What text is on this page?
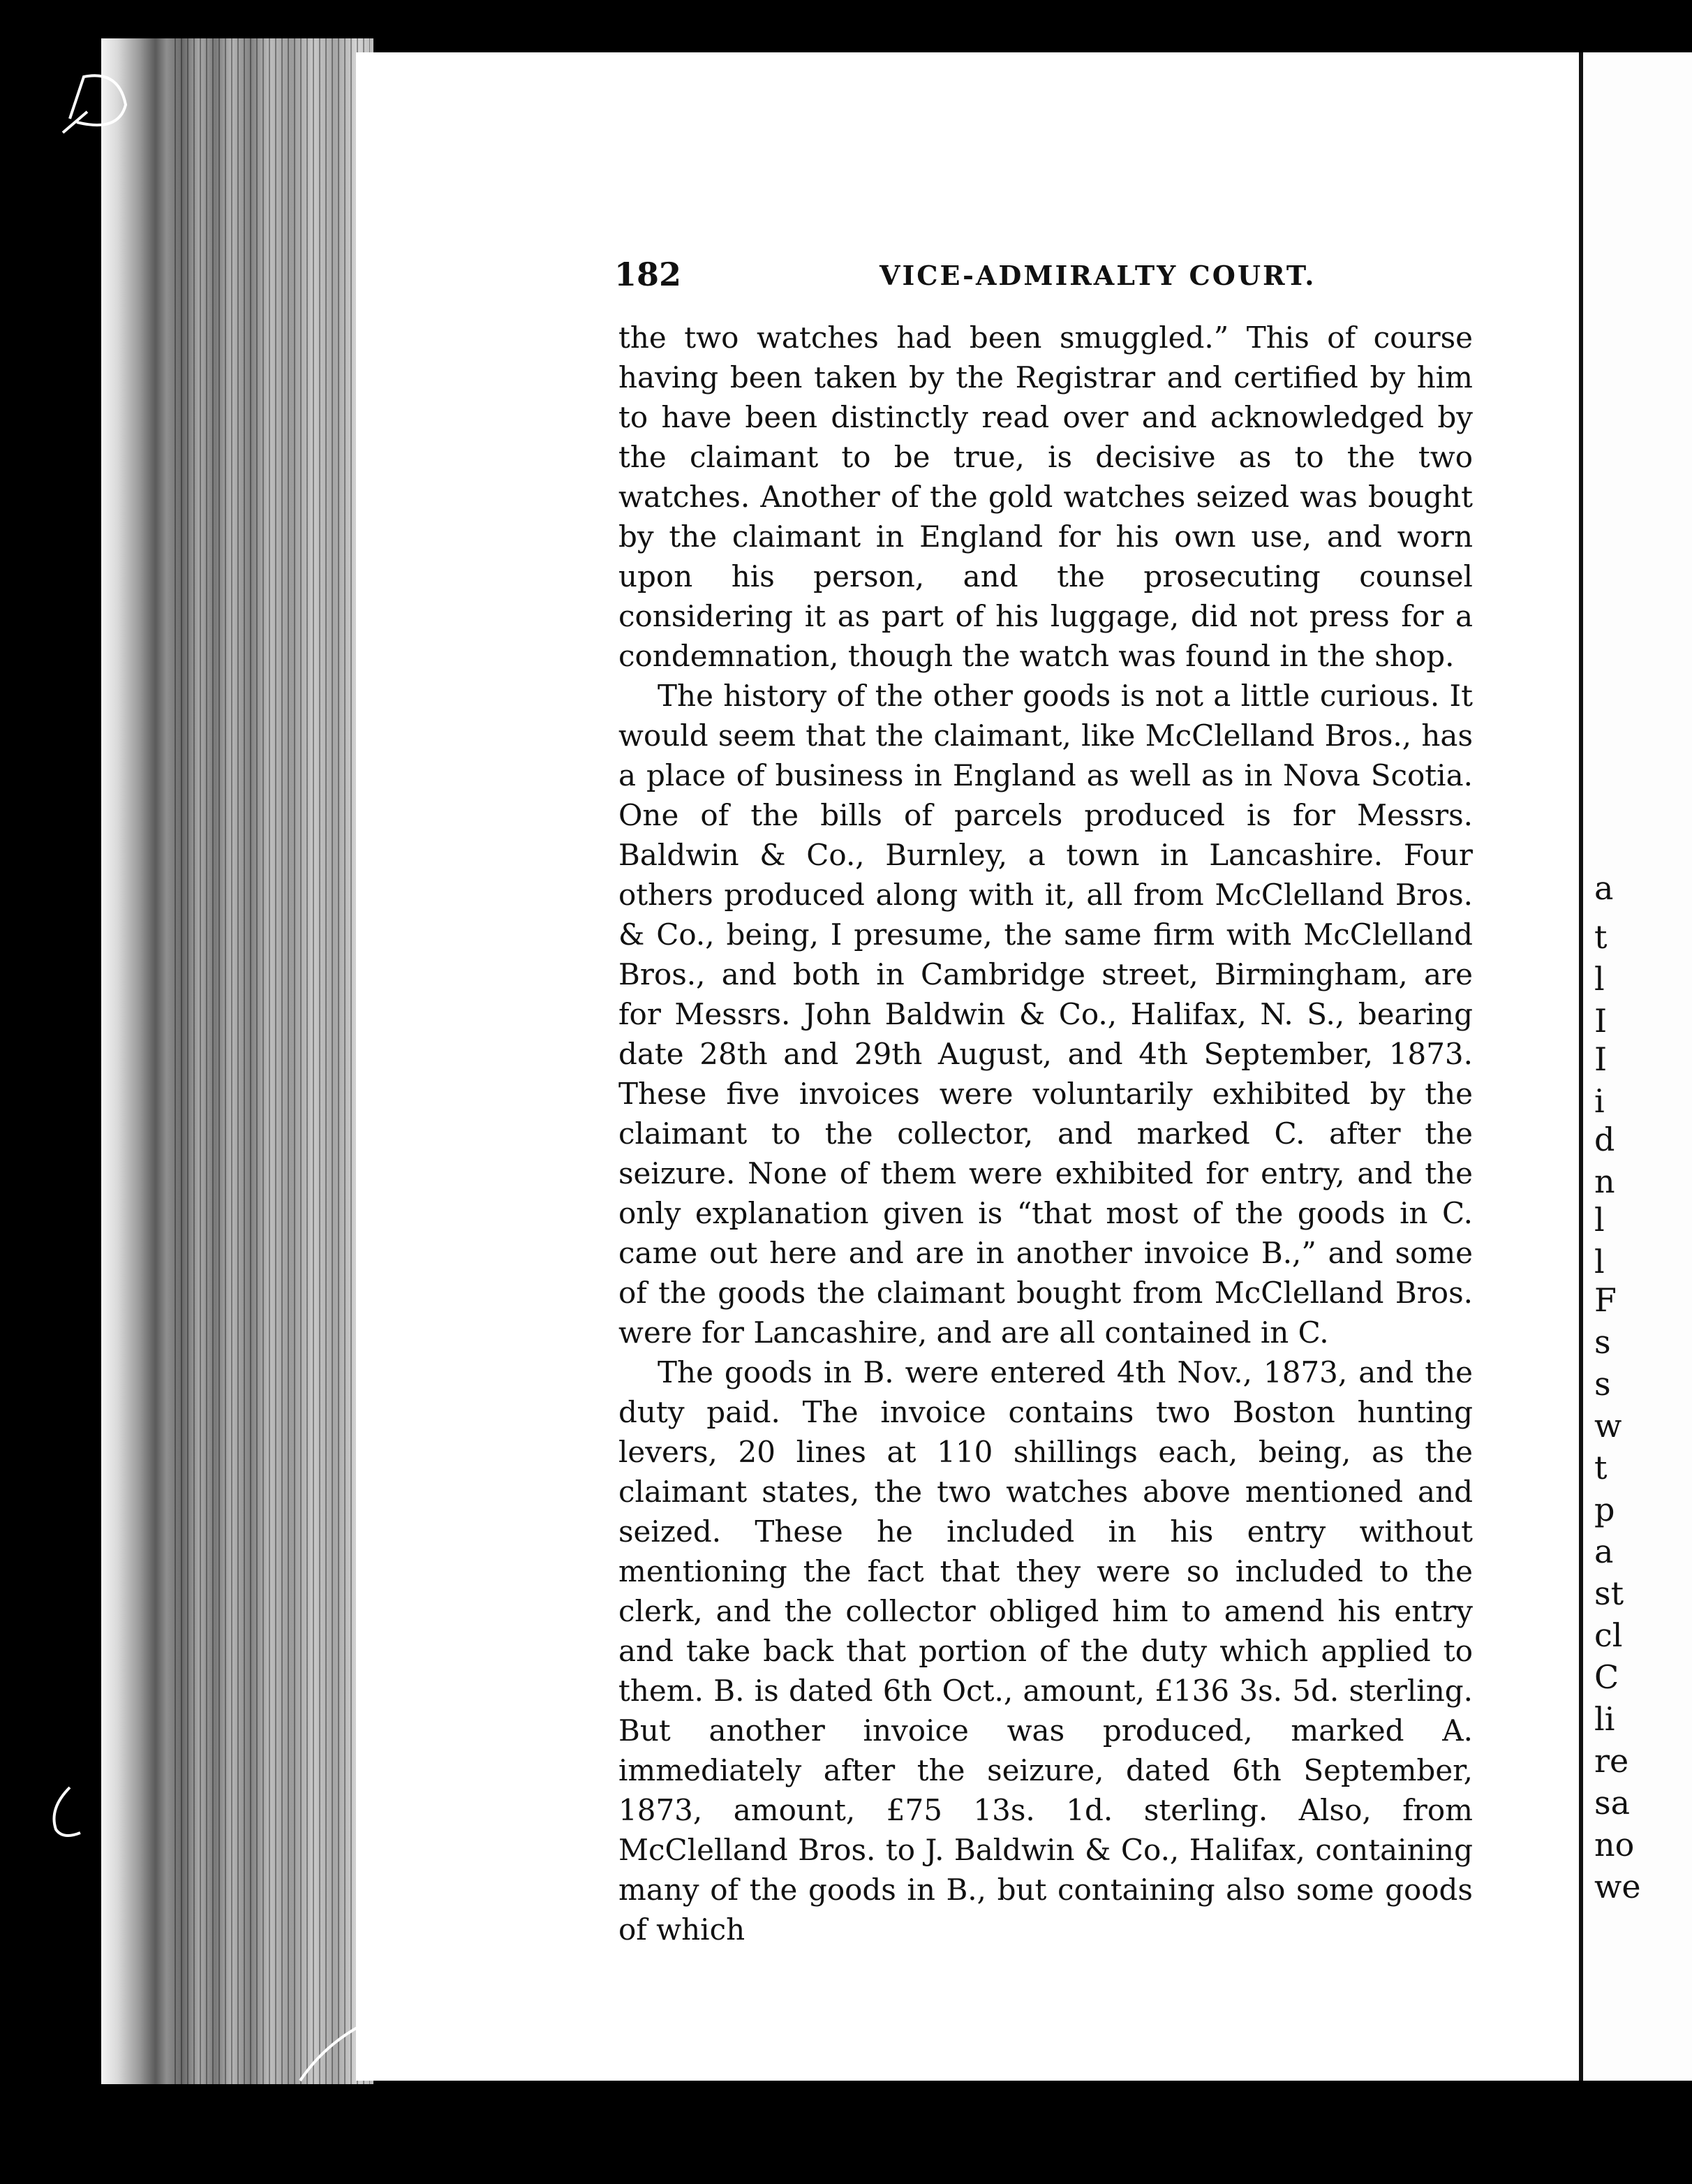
a
t
l
I
I
i
d
n
l
l
F
s
s
w
t
p
a
st
cl
C
li
re
sa
no
we
182	VICE-ADMIRALTY COURT.

the two watches had been smuggled.” This of course having been taken by the Registrar and certified by him to have been distinctly read over and acknowledged by the claimant to be true, is decisive as to the two watches. Another of the gold watches seized was bought by the claimant in England for his own use, and worn upon his person, and the prosecuting counsel considering it as part of his luggage, did not press for a condemnation, though the watch was found in the shop.

The history of the other goods is not a little curious. It would seem that the claimant, like McClelland Bros., has a place of business in England as well as in Nova Scotia. One of the bills of parcels produced is for Messrs. Baldwin & Co., Burnley, a town in Lancashire. Four others produced along with it, all from McClelland Bros. & Co., being, I presume, the same firm with McClelland Bros., and both in Cambridge street, Birmingham, are for Messrs. John Baldwin & Co., Halifax, N. S., bearing date 28th and 29th August, and 4th September, 1873. These five invoices were voluntarily exhibited by the claimant to the collector, and marked C. after the seizure. None of them were exhibited for entry, and the only explanation given is “that most of the goods in C. came out here and are in another invoice B.,” and some of the goods the claimant bought from McClelland Bros. were for Lancashire, and are all contained in C.

The goods in B. were entered 4th Nov., 1873, and the duty paid. The invoice contains two Boston hunting levers, 20 lines at 110 shillings each, being, as the claimant states, the two watches above mentioned and seized. These he included in his entry without mentioning the fact that they were so included to the clerk, and the collector obliged him to amend his entry and take back that portion of the duty which applied to them. B. is dated 6th Oct., amount, £136 3s. 5d. sterling. But another invoice was produced, marked A. immediately after the seizure, dated 6th September, 1873, amount, £75 13s. 1d. sterling. Also, from McClelland Bros. to J. Baldwin & Co., Halifax, containing many of the goods in B., but containing also some goods of which
